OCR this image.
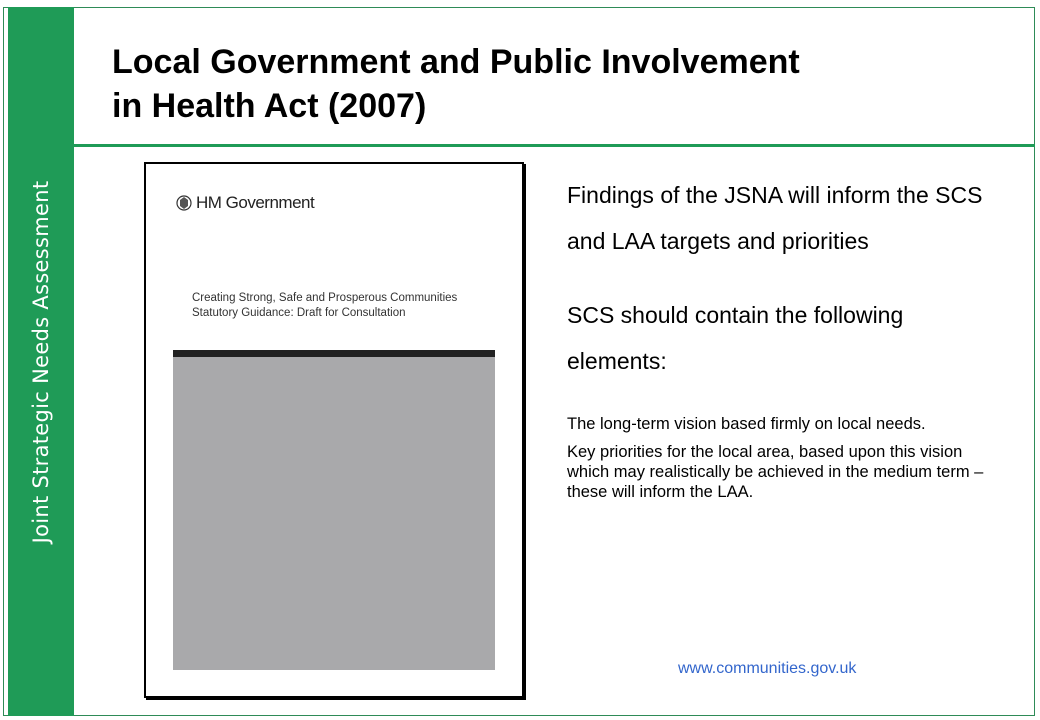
Joint Strategic Needs Assessment
Local Government and Public Involvement
in Health Act (2007)
HM Government
Creating Strong, Safe and Prosperous Communities
Statutory Guidance: Draft for Consultation

Findings of the JSNA will inform the SCS and LAA targets and priorities

SCS should contain the following elements:

The long-term vision based firmly on local needs.

Key priorities for the local area, based upon this vision which may realistically be achieved in the medium term – these will inform the LAA.

www.communities.gov.uk
